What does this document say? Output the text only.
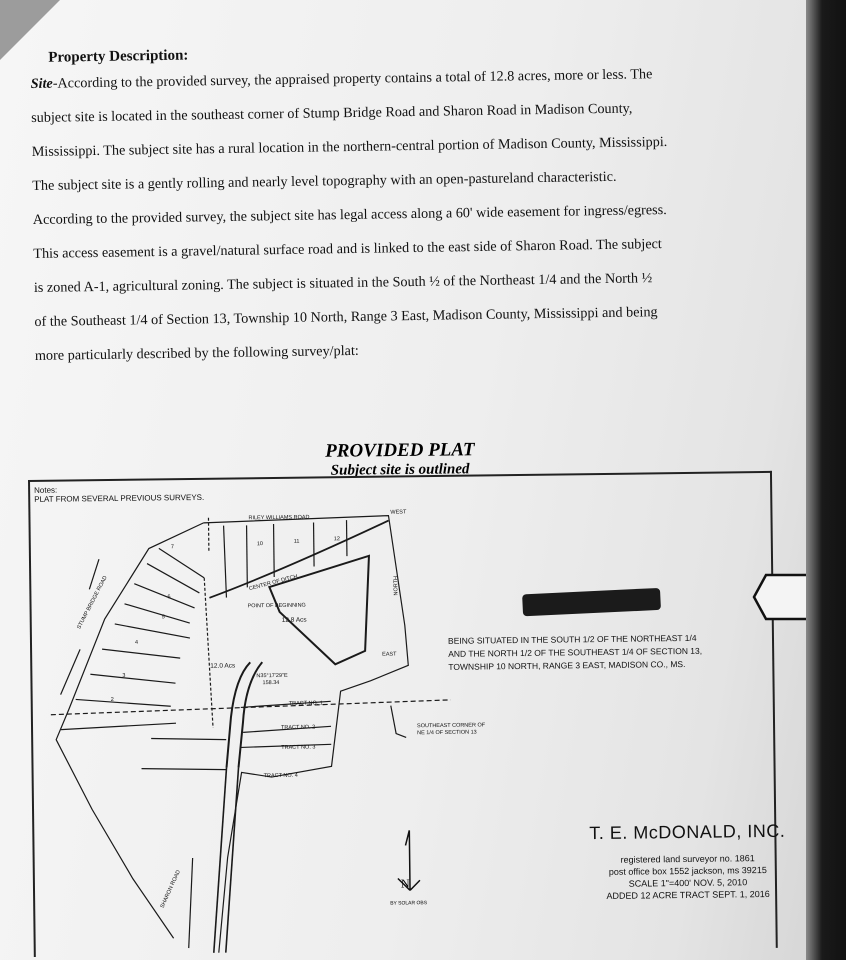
Property Description:
Site-According to the provided survey, the appraised property contains a total of 12.8 acres, more or less. The
subject site is located in the southeast corner of Stump Bridge Road and Sharon Road in Madison County,
Mississippi. The subject site has a rural location in the northern-central portion of Madison County, Mississippi.
The subject site is a gently rolling and nearly level topography with an open-pastureland characteristic.
According to the provided survey, the subject site has legal access along a 60' wide easement for ingress/egress.
This access easement is a gravel/natural surface road and is linked to the east side of Sharon Road. The subject
is zoned A-1, agricultural zoning. The subject is situated in the South ½ of the Northeast 1/4 and the North ½
of the Southeast 1/4 of Section 13, Township 10 North, Range 3 East, Madison County, Mississippi and being
more particularly described by the following survey/plat:
PROVIDED PLAT
Subject site is outlined
Notes:
PLAT FROM SEVERAL PREVIOUS SURVEYS.
RILEY WILLIAMS ROAD
STUMP BRIDGE ROAD
SHARON ROAD
CENTER OF DITCH
POINT OF BEGINNING
12.8 Acs
12.0 Acs
WEST
EAST
NORTH
SOUTHEAST CORNER OF
NE 1/4 OF SECTION 13
TRACT NO. 1
TRACT NO. 2
TRACT NO. 3
TRACT NO. 4
7
6
5
4
3
2
10	11	12
N35°17'29"E
158.34
BEING SITUATED IN THE SOUTH 1/2 OF THE NORTHEAST 1/4
AND THE NORTH 1/2 OF THE SOUTHEAST 1/4 OF SECTION 13,
TOWNSHIP 10 NORTH, RANGE 3 EAST, MADISON CO., MS.
N
BY SOLAR OBS
T. E. McDONALD, INC.
registered land surveyor no. 1861
post office box 1552 jackson, ms 39215
SCALE 1"=400' NOV. 5, 2010
ADDED 12 ACRE TRACT SEPT. 1, 2016
